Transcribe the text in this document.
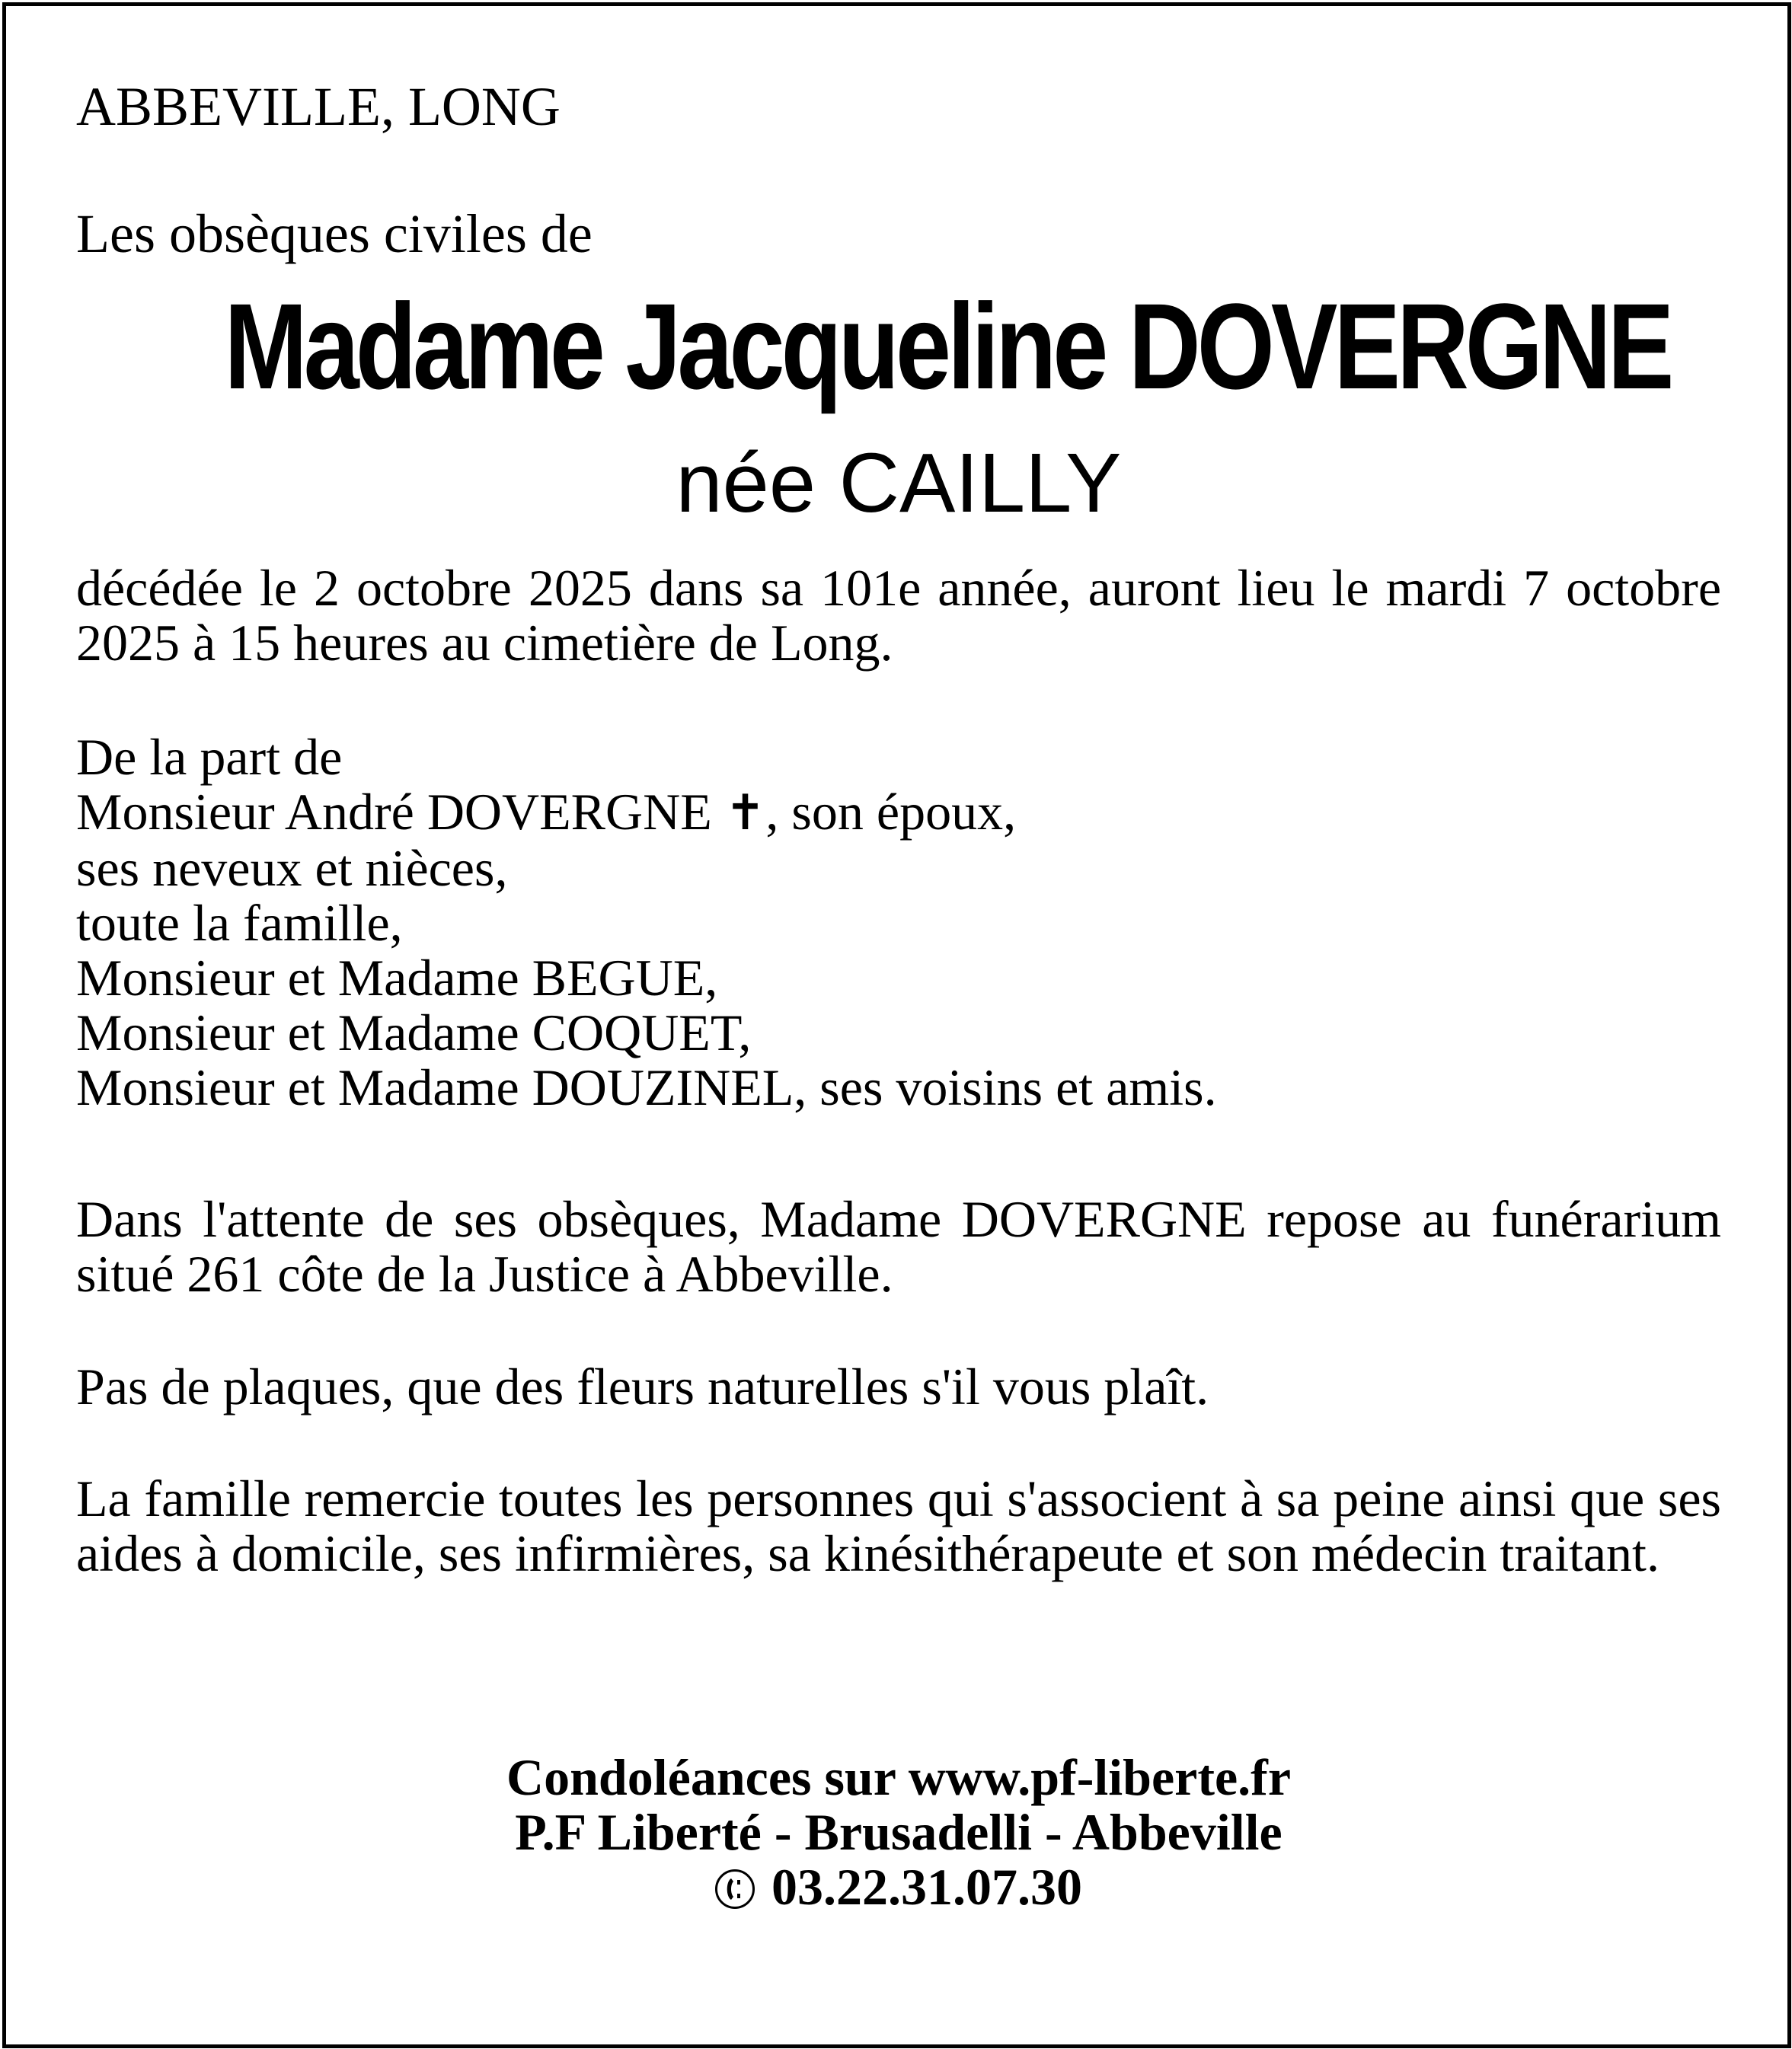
ABBEVILLE, LONG

Les obsèques civiles de

Madame Jacqueline DOVERGNE
née CAILLY

décédée le 2 octobre 2025 dans sa 101e année, auront lieu le mardi 7 octobre 2025 à 15 heures au cimetière de Long.

De la part de
Monsieur André DOVERGNE ✝, son époux,
ses neveux et nièces,
toute la famille,
Monsieur et Madame BEGUE,
Monsieur et Madame COQUET,
Monsieur et Madame DOUZINEL, ses voisins et amis.

Dans l'attente de ses obsèques, Madame DOVERGNE repose au funérarium situé 261 côte de la Justice à Abbeville.

Pas de plaques, que des fleurs naturelles s'il vous plaît.

La famille remercie toutes les personnes qui s'associent à sa peine ainsi que ses aides à domicile, ses infirmières, sa kinésithérapeute et son médecin traitant.

Condoléances sur www.pf-liberte.fr
P.F Liberté - Brusadelli - Abbeville
03.22.31.07.30
